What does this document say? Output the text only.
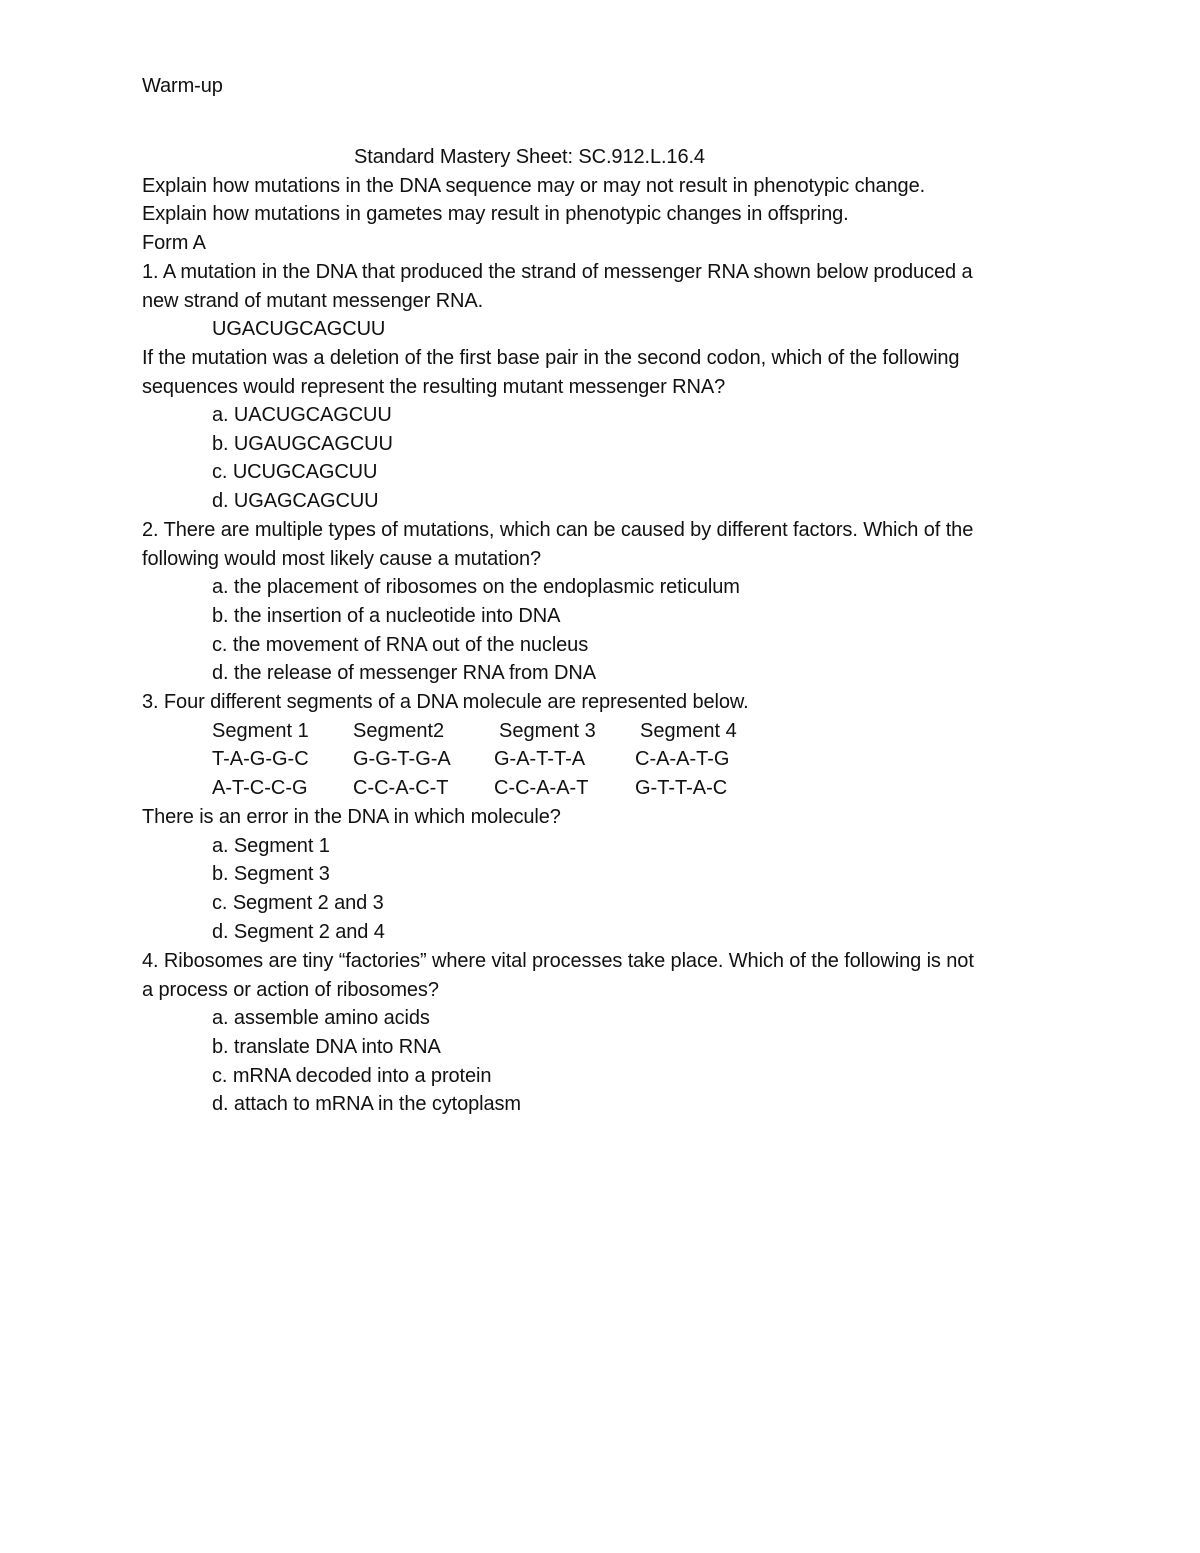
Warm-up
Standard Mastery Sheet: SC.912.L.16.4
Explain how mutations in the DNA sequence may or may not result in phenotypic change.
Explain how mutations in gametes may result in phenotypic changes in offspring.
Form A
1. A mutation in the DNA that produced the strand of messenger RNA shown below produced a
new strand of mutant messenger RNA.
UGACUGCAGCUU
If the mutation was a deletion of the first base pair in the second codon, which of the following
sequences would represent the resulting mutant messenger RNA?
a. UACUGCAGCUU
b. UGAUGCAGCUU
c. UCUGCAGCUU
d. UGAGCAGCUU
2. There are multiple types of mutations, which can be caused by different factors. Which of the
following would most likely cause a mutation?
a. the placement of ribosomes on the endoplasmic reticulum
b. the insertion of a nucleotide into DNA
c. the movement of RNA out of the nucleus
d. the release of messenger RNA from DNA
3. Four different segments of a DNA molecule are represented below.
Segment 1 Segment2	Segment 3 Segment 4
T-A-G-G-C G-G-T-G-A G-A-T-T-A C-A-A-T-G
A-T-C-C-G C-C-A-C-T C-C-A-A-T G-T-T-A-C
There is an error in the DNA in which molecule?
a. Segment 1
b. Segment 3
c. Segment 2 and 3
d. Segment 2 and 4
4. Ribosomes are tiny “factories” where vital processes take place. Which of the following is not
a process or action of ribosomes?
a. assemble amino acids
b. translate DNA into RNA
c. mRNA decoded into a protein
d. attach to mRNA in the cytoplasm
